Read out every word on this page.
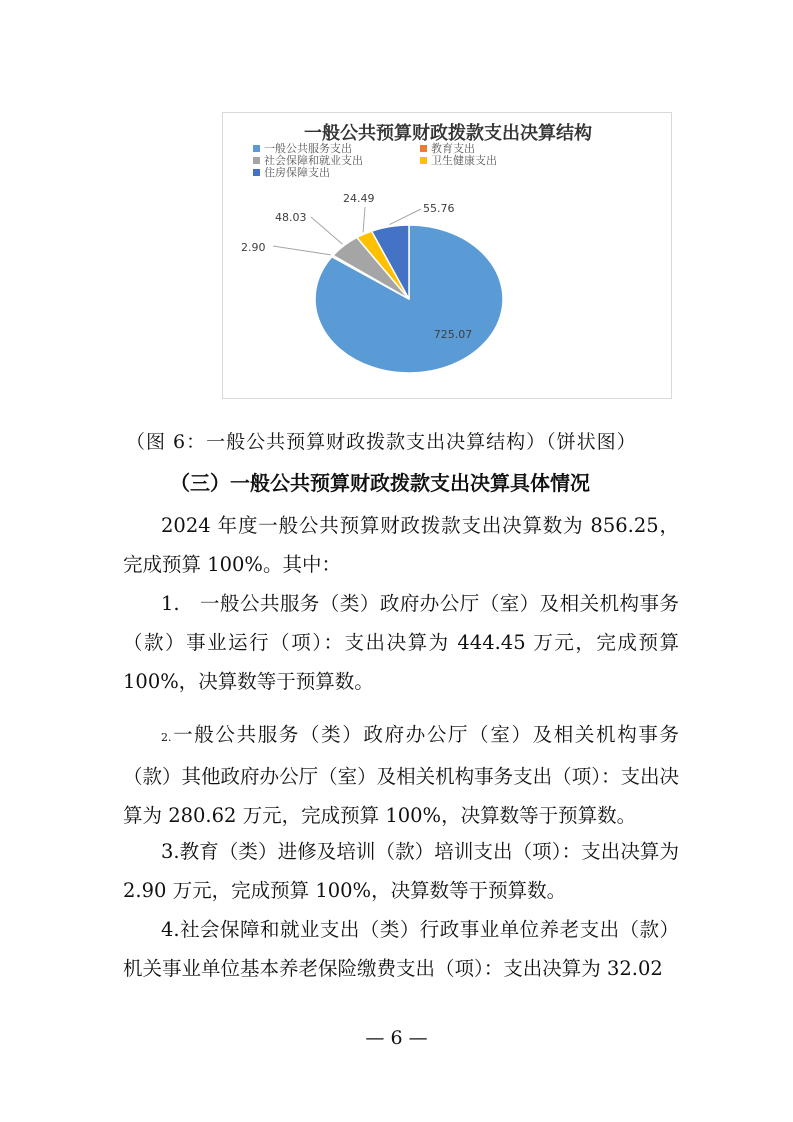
一般公共预算财政拨款支出决算结构
一般公共服务支出	教育支出
社会保障和就业支出	卫生健康支出
住房保障支出
725.07
2.90
48.03
24.49
55.76
（图 6：一般公共预算财政拨款支出决算结构）（饼状图）
（三）一般公共预算财政拨款支出决算具体情况

2024 年度一般公共预算财政拨款支出决算数为 856.25，完成预算 100%。其中：

1.　一般公共服务（类）政府办公厅（室）及相关机构事务（款）事业运行（项）：支出决算为 444.45 万元，完成预算 100%，决算数等于预算数。

2.一般公共服务（类）政府办公厅（室）及相关机构事务（款）其他政府办公厅（室）及相关机构事务支出（项）：支出决算为 280.62 万元，完成预算 100%，决算数等于预算数。

3.教育（类）进修及培训（款）培训支出（项）：支出决算为 2.90 万元，完成预算 100%，决算数等于预算数。

4.社会保障和就业支出（类）行政事业单位养老支出（款）机关事业单位基本养老保险缴费支出（项）：支出决算为 32.02

— 6 —
